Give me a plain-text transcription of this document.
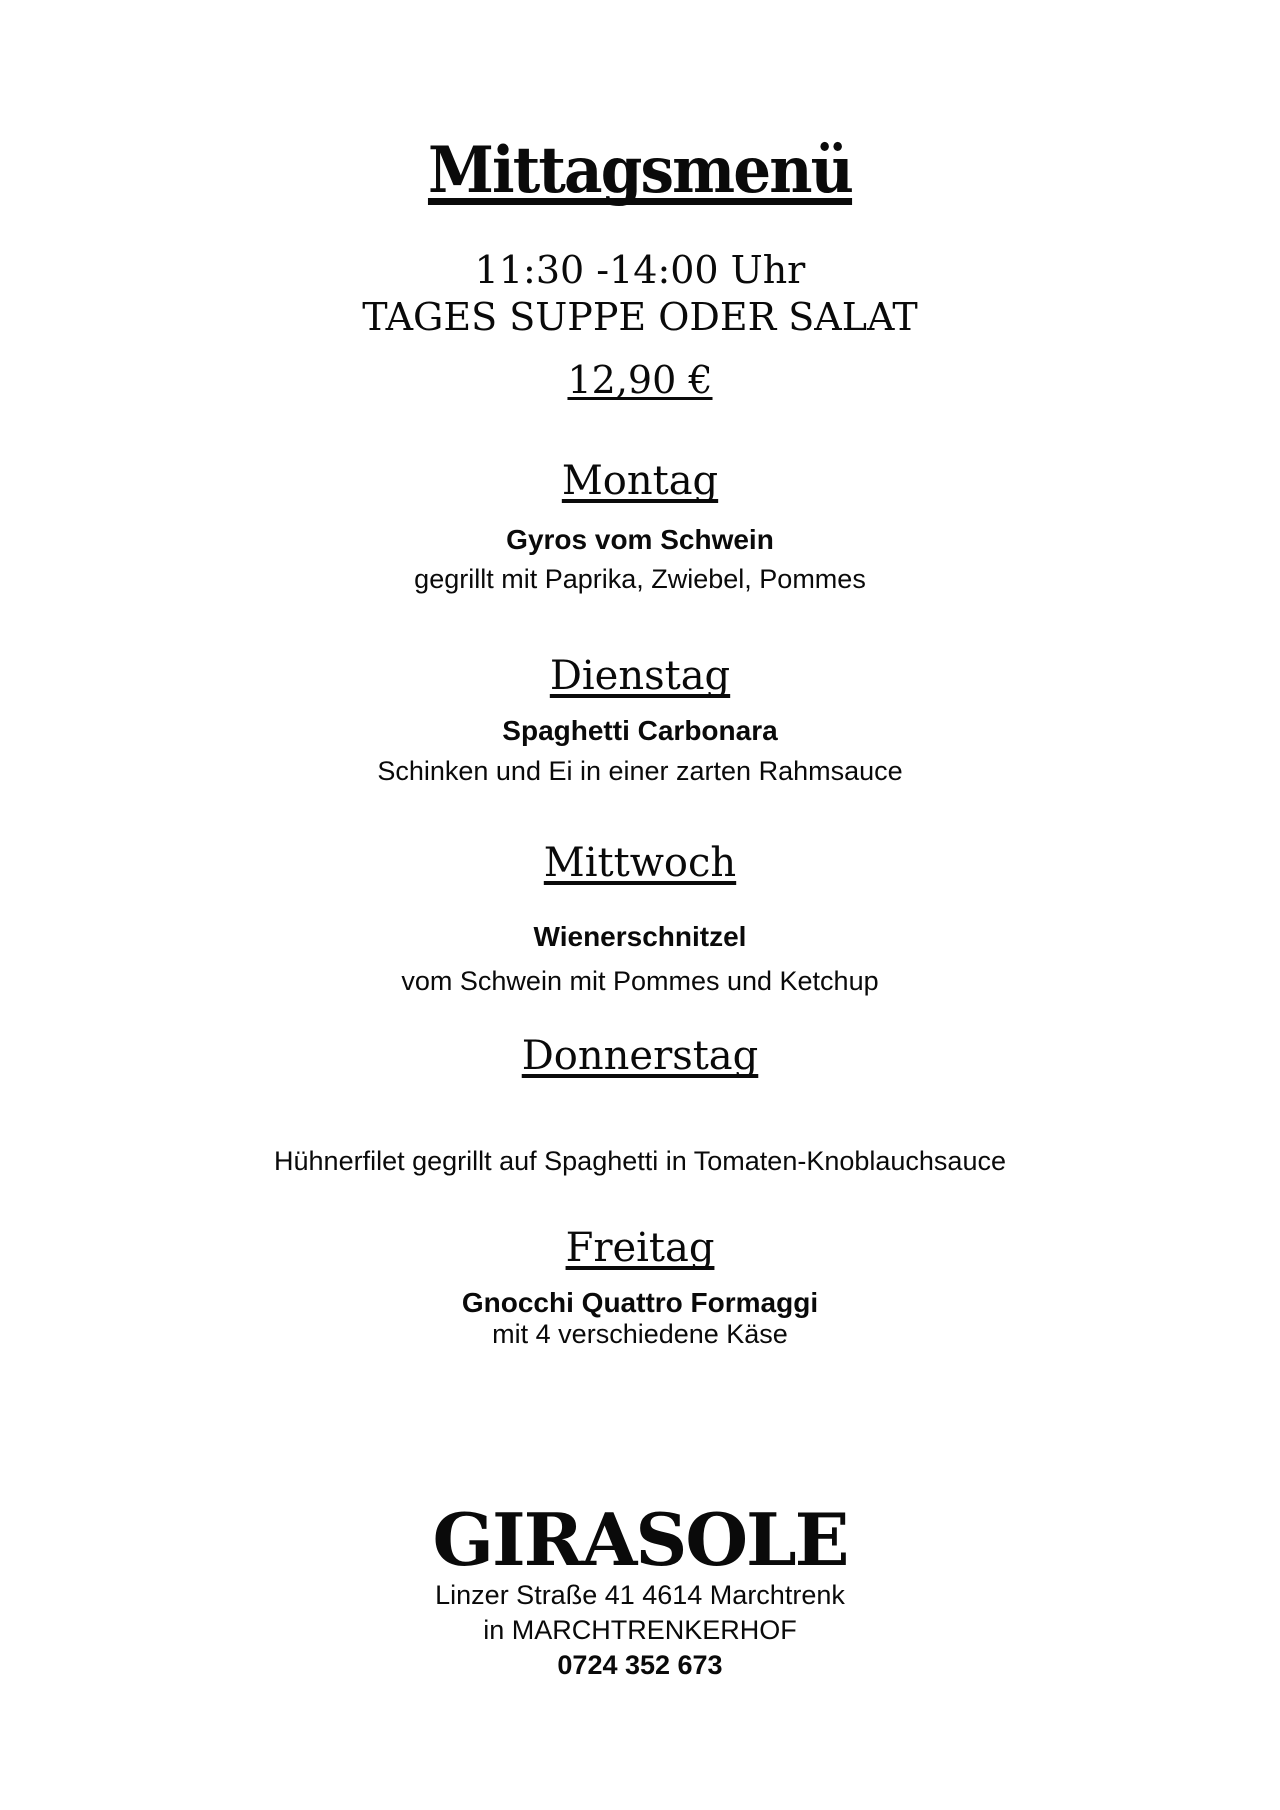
Mittagsmenü
11:30 -14:00 Uhr
TAGES SUPPE ODER SALAT
12,90 €
Montag
Gyros vom Schwein
gegrillt mit Paprika, Zwiebel, Pommes
Dienstag
Spaghetti Carbonara
Schinken und Ei in einer zarten Rahmsauce
Mittwoch
Wienerschnitzel
vom Schwein mit Pommes und Ketchup
Donnerstag
Hühnerfilet gegrillt auf Spaghetti in Tomaten-Knoblauchsauce
Freitag
Gnocchi Quattro Formaggi
mit 4 verschiedene Käse
GIRASOLE
Linzer Straße 41 4614 Marchtrenk
in MARCHTRENKERHOF
0724 352 673
